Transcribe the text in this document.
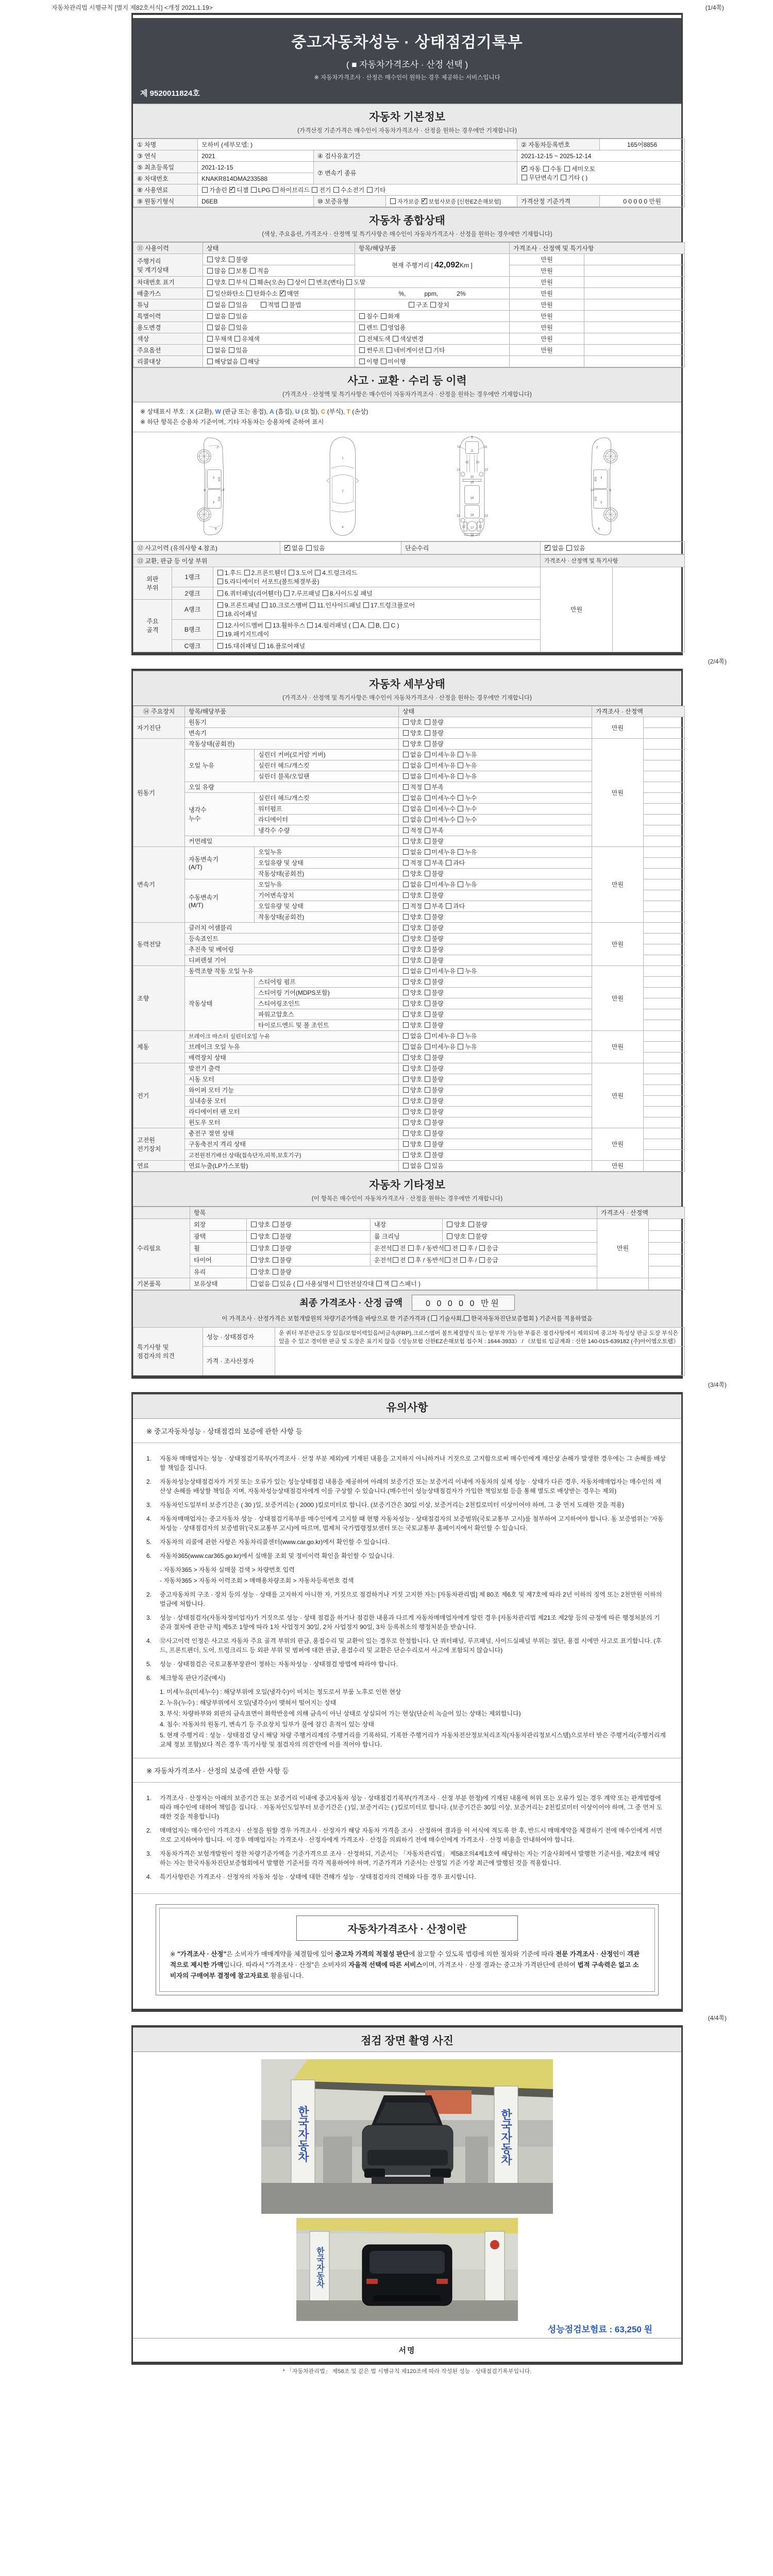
자동차관리법 시행규칙 [별지 제82호서식] <개정 2021.1.19>	(1/4쪽)
중고자동차성능 · 상태점검기록부
( ■ 자동차가격조사 · 산정 선택 )
※ 자동차가격조사 · 산정은 매수인이 원하는 경우 제공하는 서비스입니다
제 9520011824호
자동차 기본정보
(가격산정 기준가격은 매수인이 자동차가격조사 · 산정을 원하는 경우에만 기재합니다)
① 차명	모하비 (세부모델: )			② 자동차등록번호	165어8856
③ 연식	2021	④ 검사유효기간		2021-12-15 ~ 2025-12-14	
⑤ 최초등록일	2021-12-15	⑦ 변속기 종류	✓자동 수동 세미오토
무단변속기 기타 ( )
⑥ 차대번호	KNAKR814DMA233588				
⑧ 사용연료	가솔린 ✓디젤 LPG 하이브리드 전기 수소전기 기타
⑨ 원동기형식	D6EB	⑩ 보증유형	자가보증 ✓보험사보증 [신한EZ손해보험]	가격산정 기준가격	0 0 0 0 0 만원
자동차 종합상태
(색상, 주요옵션, 가격조사 · 산정액 및 특기사항은 매수인이 자동차가격조사 · 산정을 원하는 경우에만 기재합니다)
⑪ 사용이력	상태	항목/해당부품	가격조사 · 산정액 및 특기사항	
주행거리
및 계기상태	양호 불량	현재 주행거리 [ 42,092Km ]	만원	
	많음 보통 적음		만원	
차대번호 표기	양호 부식 훼손(오손) 상이 변조(변타) 도말		만원	
배출가스	일산화탄소 탄화수소 ✓매연	%,　　　ppm,　　　2%	만원	
튜닝	없음 있음　　적법 불법	　　　　　　　　구조 장치	만원	
특별이력	없음 있음	침수 화재	만원	
용도변경	없음 있음	렌트 영업용	만원	
색상	무채색 유채색	전체도색 색상변경	만원	
주요옵션	없음 있음	썬루프 네비게이션 기타	만원	
리콜대상	해당없음 해당	이행 미이행		
사고 · 교환 · 수리 등 이력
(가격조사 · 산정액 및 특기사항은 매수인이 자동차가격조사 · 산정을 원하는 경우에만 기재합니다)
※ 상태표시 부호 : X (교환), W (판금 또는 용접), A (흠집), U (요철), C (부식), T (손상)
※ 하단 항목은 승용차 기준이며, 기타 자동차는 승용차에 준하여 표시
2
8
3
14
3
6
1
7
4
5
11	11
9
12 12
13	13
10
15
16
13	13
19
12 12
17
18
2
8
3
14
3
6
⑫ 사고이력 (유의사항 4.참조)	✓없음 있음	단순수리	✓없음 있음
⑬ 교환, 판금 등 이상 부위			가격조사 · 산정액 및 특기사항	
외판
부위	1랭크	1.후드 2.프론트휀더 3.도어 4.트렁크리드
5.라디에이터 서포트(볼트체결부품)	만원	
	2랭크	6.쿼터패널(리어휀더) 7.루프패널 8.사이드실 패널		
주요
골격	A랭크	9.프론트패널 10.크로스멤버 11.인사이드패널 17.트렁크플로어
18.리어패널		
	B랭크	12.사이드멤버 13.휠하우스 14.필러패널 ( A, B, C )
19.패키지트레이		
	C랭크	15.대쉬패널 16.플로어패널		
(2/4쪽)
자동차 세부상태
(가격조사 · 산정액 및 특기사항은 매수인이 자동차가격조사 · 산정을 원하는 경우에만 기재합니다)
⑭ 주요장치	항목/해당부품		상태	가격조사 · 산정액	
자기진단	원동기		양호 불량	만원	
	변속기		양호 불량		
원동기	작동상태(공회전)		양호 불량	만원	
	오일 누유	실린더 커버(로커암 커버)	없음 미세누유 누유		
		실린더 헤드/개스킷	없음 미세누유 누유		
		실린더 블록/오일팬	없음 미세누유 누유		
	오일 유량		적정 부족		
	냉각수
누수	실린더 헤드/개스킷	없음 미세누수 누수		
		워터펌프	없음 미세누수 누수		
		라디에이터	없음 미세누수 누수		
		냉각수 수량	적정 부족		
	커먼레일		양호 불량		
변속기	자동변속기
(A/T)	오일누유	없음 미세누유 누유	만원	
		오일유량 및 상태	적정 부족 과다		
		작동상태(공회전)	양호 불량		
	수동변속기
(M/T)	오일누유	없음 미세누유 누유		
		기어변속장치	양호 불량		
		오일유량 및 상태	적정 부족 과다		
		작동상태(공회전)	양호 불량		
동력전달	클러치 어셈블리		양호 불량	만원	
	등속죠인트		양호 불량		
	추진축 및 베어링		양호 불량		
	디퍼렌셜 기어		양호 불량		
조향	동력조향 작동 오일 누유		없음 미세누유 누유	만원	
	작동상태	스티어링 펌프	양호 불량		
		스티어링 기어(MDPS포함)	양호 불량		
		스티어링조인트	양호 불량		
		파워고압호스	양호 불량		
		타이로드엔드 및 볼 조인트	양호 불량		
제동	브레이크 마스터 실린더오일 누유		없음 미세누유 누유	만원	
	브레이크 오일 누유		없음 미세누유 누유		
	배력장치 상태		양호 불량		
전기	발전기 출력		양호 불량	만원	
	시동 모터		양호 불량		
	와이퍼 모터 기능		양호 불량		
	실내송풍 모터		양호 불량		
	라디에이터 팬 모터		양호 불량		
	윈도우 모터		양호 불량		
고전원
전기장치	충전구 절연 상태		양호 불량	만원	
	구동축전지 격리 상태		양호 불량		
	고전원전기배선 상태(접속단자,피복,보호기구)		양호 불량		
연료	연료누출(LP가스포함)		없음 있음	만원	
자동차 기타정보
(이 항목은 매수인이 자동차가격조사 · 산정을 원하는 경우에만 기재합니다)
	항목				가격조사 · 산정액	
수리필요	외장	양호 불량	내장	양호 불량	만원	
	광택	양호 불량	룸 크리닝	양호 불량		
	휠	양호 불량	운전석 전 후 / 동반석 전 후 / 응급			
	타이어	양호 불량	운전석 전 후 / 동반석 전 후 / 응급			
	유리	양호 불량				
기본품목	보유상태	없음 있음 ( 사용설명서 안전삼각대 잭 스패너 )				
최종 가격조사 · 산정 금액	0 0 0 0 0 만원
이 가격조사 · 산정가격은 보험개발원의 차량기준가액을 바탕으로 한 기준가격과 ( 기술사회, 한국자동차진단보증협회 ) 기준서를 적용하였음
특기사항 및
점검자의 의견	성능 · 상태점검자	운 쿼터 부분판금도장 있음/보험이력있음/비금속(FRP),크로스멤버 볼트체결방식 또는 탈부착 가능한 부품은 점검사항에서 제외되며 중고차 특성상 판금 도장 부식은 있을 수 있고 경미한 판금 및 도장은 표기치 않음《성능보험 신한EZ손해보험 접수처 : 1644-3933》 / 《보험료 입금계좌 : 신한 140-015-639182 (주)아이엠오토랩》
	가격 · 조사산정자	
(3/4쪽)
유의사항
※ 중고자동차성능 · 상태점검의 보증에 관한 사항 등
1.	자동차 매매업자는 성능 · 상태점검기록부(가격조사 · 산정 부분 제외)에 기재된 내용을 고지하지 아니하거나 거짓으로 고지함으로써 매수인에게 재산상 손해가 발생한 경우에는 그 손해를 배상할 책임을 집니다.
2.	자동차성능상태점검자가 거짓 또는 오류가 있는 성능상태점검 내용을 제공하여 아래의 보증기간 또는 보증거리 이내에 자동차의 실제 성능 · 상태가 다른 경우, 자동차매매업자는 매수인의 재산상 손해를 배상할 책임을 지며, 자동차성능상태점검자에게 이를 구상할 수 있습니다.(매수인이 성능상태점검자가 가입한 책임보험 등을 통해 별도로 배상받는 경우는 제외)
3.	자동차인도일부터 보증기간은 ( 30 )일, 보증거리는 ( 2000 )킬로미터로 합니다. (보증기간은 30일 이상, 보증거리는 2천킬로미터 이상이어야 하며, 그 중 먼저 도래한 것을 적용)
4.	자동차매매업자는 중고자동차 성능 · 상태점검기록부를 매수인에게 고지할 때 현행 자동차성능 · 상태점검자의 보증범위(국토교통부 고시)를 첨부하여 고지하여야 합니다. 동 보증범위는 '자동차성능 · 상태점검자의 보증범위'(국토교통부 고시)에 따르며, 법제처 국가법령정보센터 또는 국토교통부 홈페이지에서 확인할 수 있습니다.
5.	자동차의 리콜에 관한 사항은 자동차리콜센터(www.car.go.kr)에서 확인할 수 있습니다.
6.	자동차365(www.car365.go.kr)에서 실매물 조회 및 정비이력 확인을 확인할 수 있습니다.
- 자동차365 > 자동차 실매물 검색 > 차량번호 입력
- 자동차365 > 자동차 이력조회 > 매매용차량조회 > 자동차등록번호 검색
2.	중고자동차의 구조 · 장치 등의 성능 · 상태를 고지하지 아니한 자, 거짓으로 점검하거나 거짓 고지한 자는 [자동차관리법] 제 80조 제6호 및 제7호에 따라 2년 이하의 징역 또는 2천만원 이하의 벌금에 처합니다.
3.	성능 · 상태점검자(자동차정비업자)가 거짓으로 성능 · 상태 점검을 하거나 점검한 내용과 다르게 자동차매매업자에게 알린 경우 [자동차관리법 제21조 제2항 등의 규정에 따른 행정처분의 기준과 절차에 관한 규칙] 제5조 1항에 따라 1차 사업정지 30일, 2차 사업정지 90일, 3차 등록취소의 행정처분을 받습니다.
4.	⑫사고이력 인정은 사고로 자동차 주요 골격 부위의 판금, 용접수리 및 교환이 있는 경우로 한정합니다. 단 쿼터패널, 루프패널, 사이드실패널 부위는 절단, 용접 시에만 사고로 표기합니다. (후드, 프론트펜더, 도어, 트렁크리드 등 외판 부위 및 범퍼에 대한 판금, 용접수리 및 교환은 단순수리로서 사고에 포함되지 않습니다)
5.	성능 · 상태점검은 국토교통부장관이 정하는 자동차성능 · 상태점검 방법에 따라야 합니다.
6.	체크항목 판단기준(예시)
1. 미세누유(미세누수) : 해당부위에 오일(냉각수)이 비치는 정도로서 부품 노후로 인한 현상
2. 누유(누수) : 해당부위에서 오일(냉각수)이 맺혀서 떨어지는 상태
3. 부식: 차량하부와 외판의 금속표면이 화학반응에 의해 금속이 아닌 상태로 상실되어 가는 현상(단순히 녹슬어 있는 상태는 제외합니다)
4. 침수: 자동차의 원동기, 변속기 등 주요장치 일부가 물에 잠긴 흔적이 있는 상태
5. 현재 주행거리 : 성능 · 상태점검 당시 해당 차량 주행거리계의 주행거리를 기록하되, 기록한 주행거리가 자동차전산정보처리조직(자동차관리정보시스템)으로부터 받은 주행거리(주행거리계 교체 정보 포함)보다 적은 경우 '특기사항 및 점검자의 의견'란에 이를 적어야 합니다.
※ 자동차가격조사 · 산정의 보증에 관한 사항 등
1.	가격조사 · 산정자는 아래의 보증기간 또는 보증거리 이내에 중고자동차 성능 · 상태점검기록부(가격조사 · 산정 부분 한정)에 기재된 내용에 허위 또는 오류가 있는 경우 계약 또는 관계법령에 따라 매수인에 대하여 책임을 집니다. · 자동차인도일부터 보증기간은 ( )일, 보증거리는 ( )킬로미터로 합니다. (보증기간은 30일 이상, 보증거리는 2천킬로미터 이상이어야 하며, 그 중 먼저 도래한 것을 적용합니다)
2.	매매업자는 매수인이 가격조사 · 산정을 원할 경우 가격조사 · 산정자가 해당 자동차 가격을 조사 · 산정하여 결과를 이 서식에 적도록 한 후, 반드시 매매계약을 체결하기 전에 매수인에게 서면으로 고지하여야 합니다. 이 경우 매매업자는 가격조사 · 산정자에게 가격조사 · 산정을 의뢰하기 전에 매수인에게 가격조사 · 산정 비용을 안내하여야 합니다.
3.	자동차가격은 보험개발원이 정한 차량기준가액을 기준가격으로 조사 · 산정하되, 기준서는 「자동차관리법」 제58조의4제1호에 해당하는 자는 기술사회에서 발행한 기준서를, 제2호에 해당하는 자는 한국자동차진단보증협회에서 발행한 기준서를 각각 적용하여야 하며, 기준가격과 기준서는 산정일 기준 가장 최근에 발행된 것을 적용합니다.
4.	특기사항란은 가격조사 · 산정자의 자동차 성능 · 상태에 대한 견해가 성능 · 상태점검자의 견해와 다를 경우 표시합니다.
자동차가격조사 · 산정이란
※ "가격조사 · 산정"은 소비자가 매매계약을 체결함에 있어 중고차 가격의 적절성 판단에 참고할 수 있도록 법령에 의한 절차와 기준에 따라 전문 가격조사 · 산정인이 객관적으로 제시한 가액입니다. 따라서 "가격조사 · 산정"은 소비자의 자율적 선택에 따른 서비스이며, 가격조사 · 산정 결과는 중고차 가격판단에 관하여 법적 구속력은 없고 소비자의 구매여부 결정에 참고자료로 활용됩니다.
(4/4쪽)
점검 장면 촬영 사진
한국자동차	한국자동차
한국자동차
성능점검보험료 : 63,250 원
서명
* 「자동차관리법」 제58조 및 같은 법 시행규칙 제120조에 따라 작성된 성능 · 상태점검기록부입니다.
